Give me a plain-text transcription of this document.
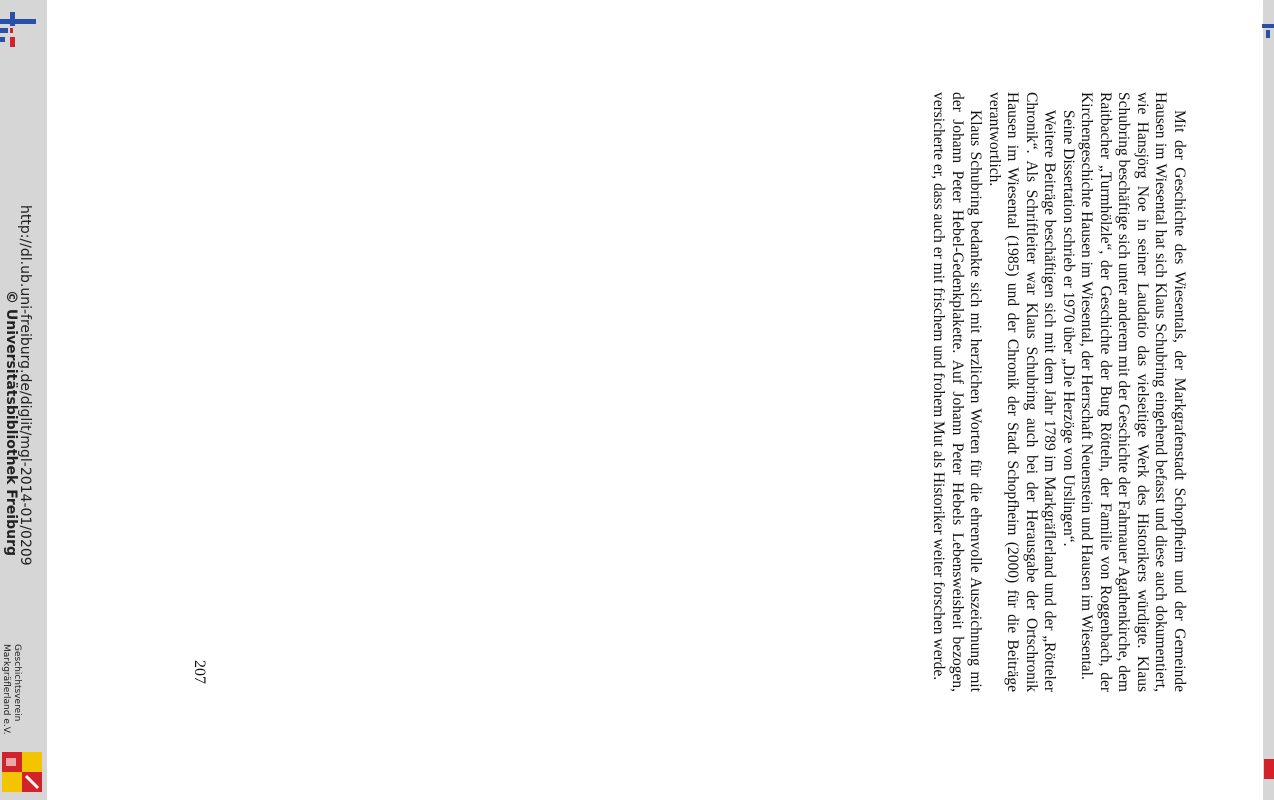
http://dl.ub.uni-freiburg.de/diglit/mgl-2014-01/0209
© Universitätsbibliothek Freiburg
Geschichtsverein Markgräflerland e.V.	Mit der Geschichte des Wiesentals, der Markgrafenstadt Schopfheim und der Gemeinde Hausen im Wiesental hat sich Klaus Schubring eingehend befasst und diese auch dokumentiert, wie Hansjörg Noe in seiner Laudatio das vielseitige Werk des Historikers würdigte. Klaus Schubring beschäftige sich unter anderem mit der Geschichte der Fahrnauer Agathenkirche, dem Raitbacher „Turmhölzle“, der Geschichte der Burg Rötteln, der Familie von Roggenbach, der Kirchengeschichte Hausen im Wiesental, der Herrschaft Neuenstein und Hausen im Wiesental.

Seine Dissertation schrieb er 1970 über „Die Herzöge von Urslingen“.

Weitere Beiträge beschäftigen sich mit dem Jahr 1789 im Markgräflerland und der „Rötteler Chronik“. Als Schriftleiter war Klaus Schubring auch bei der Herausgabe der Ortschronik Hausen im Wiesental (1985) und der Chronik der Stadt Schopfheim (2000) für die Beiträge verantwortlich.

Klaus Schubring bedankte sich mit herzlichen Worten für die ehrenvolle Auszeichnung mit der Johann Peter Hebel-Gedenkplakette. Auf Johann Peter Hebels Lebensweisheit bezogen, versicherte er, dass auch er mit frischem und frohem Mut als Historiker weiter forschen werde.

207
